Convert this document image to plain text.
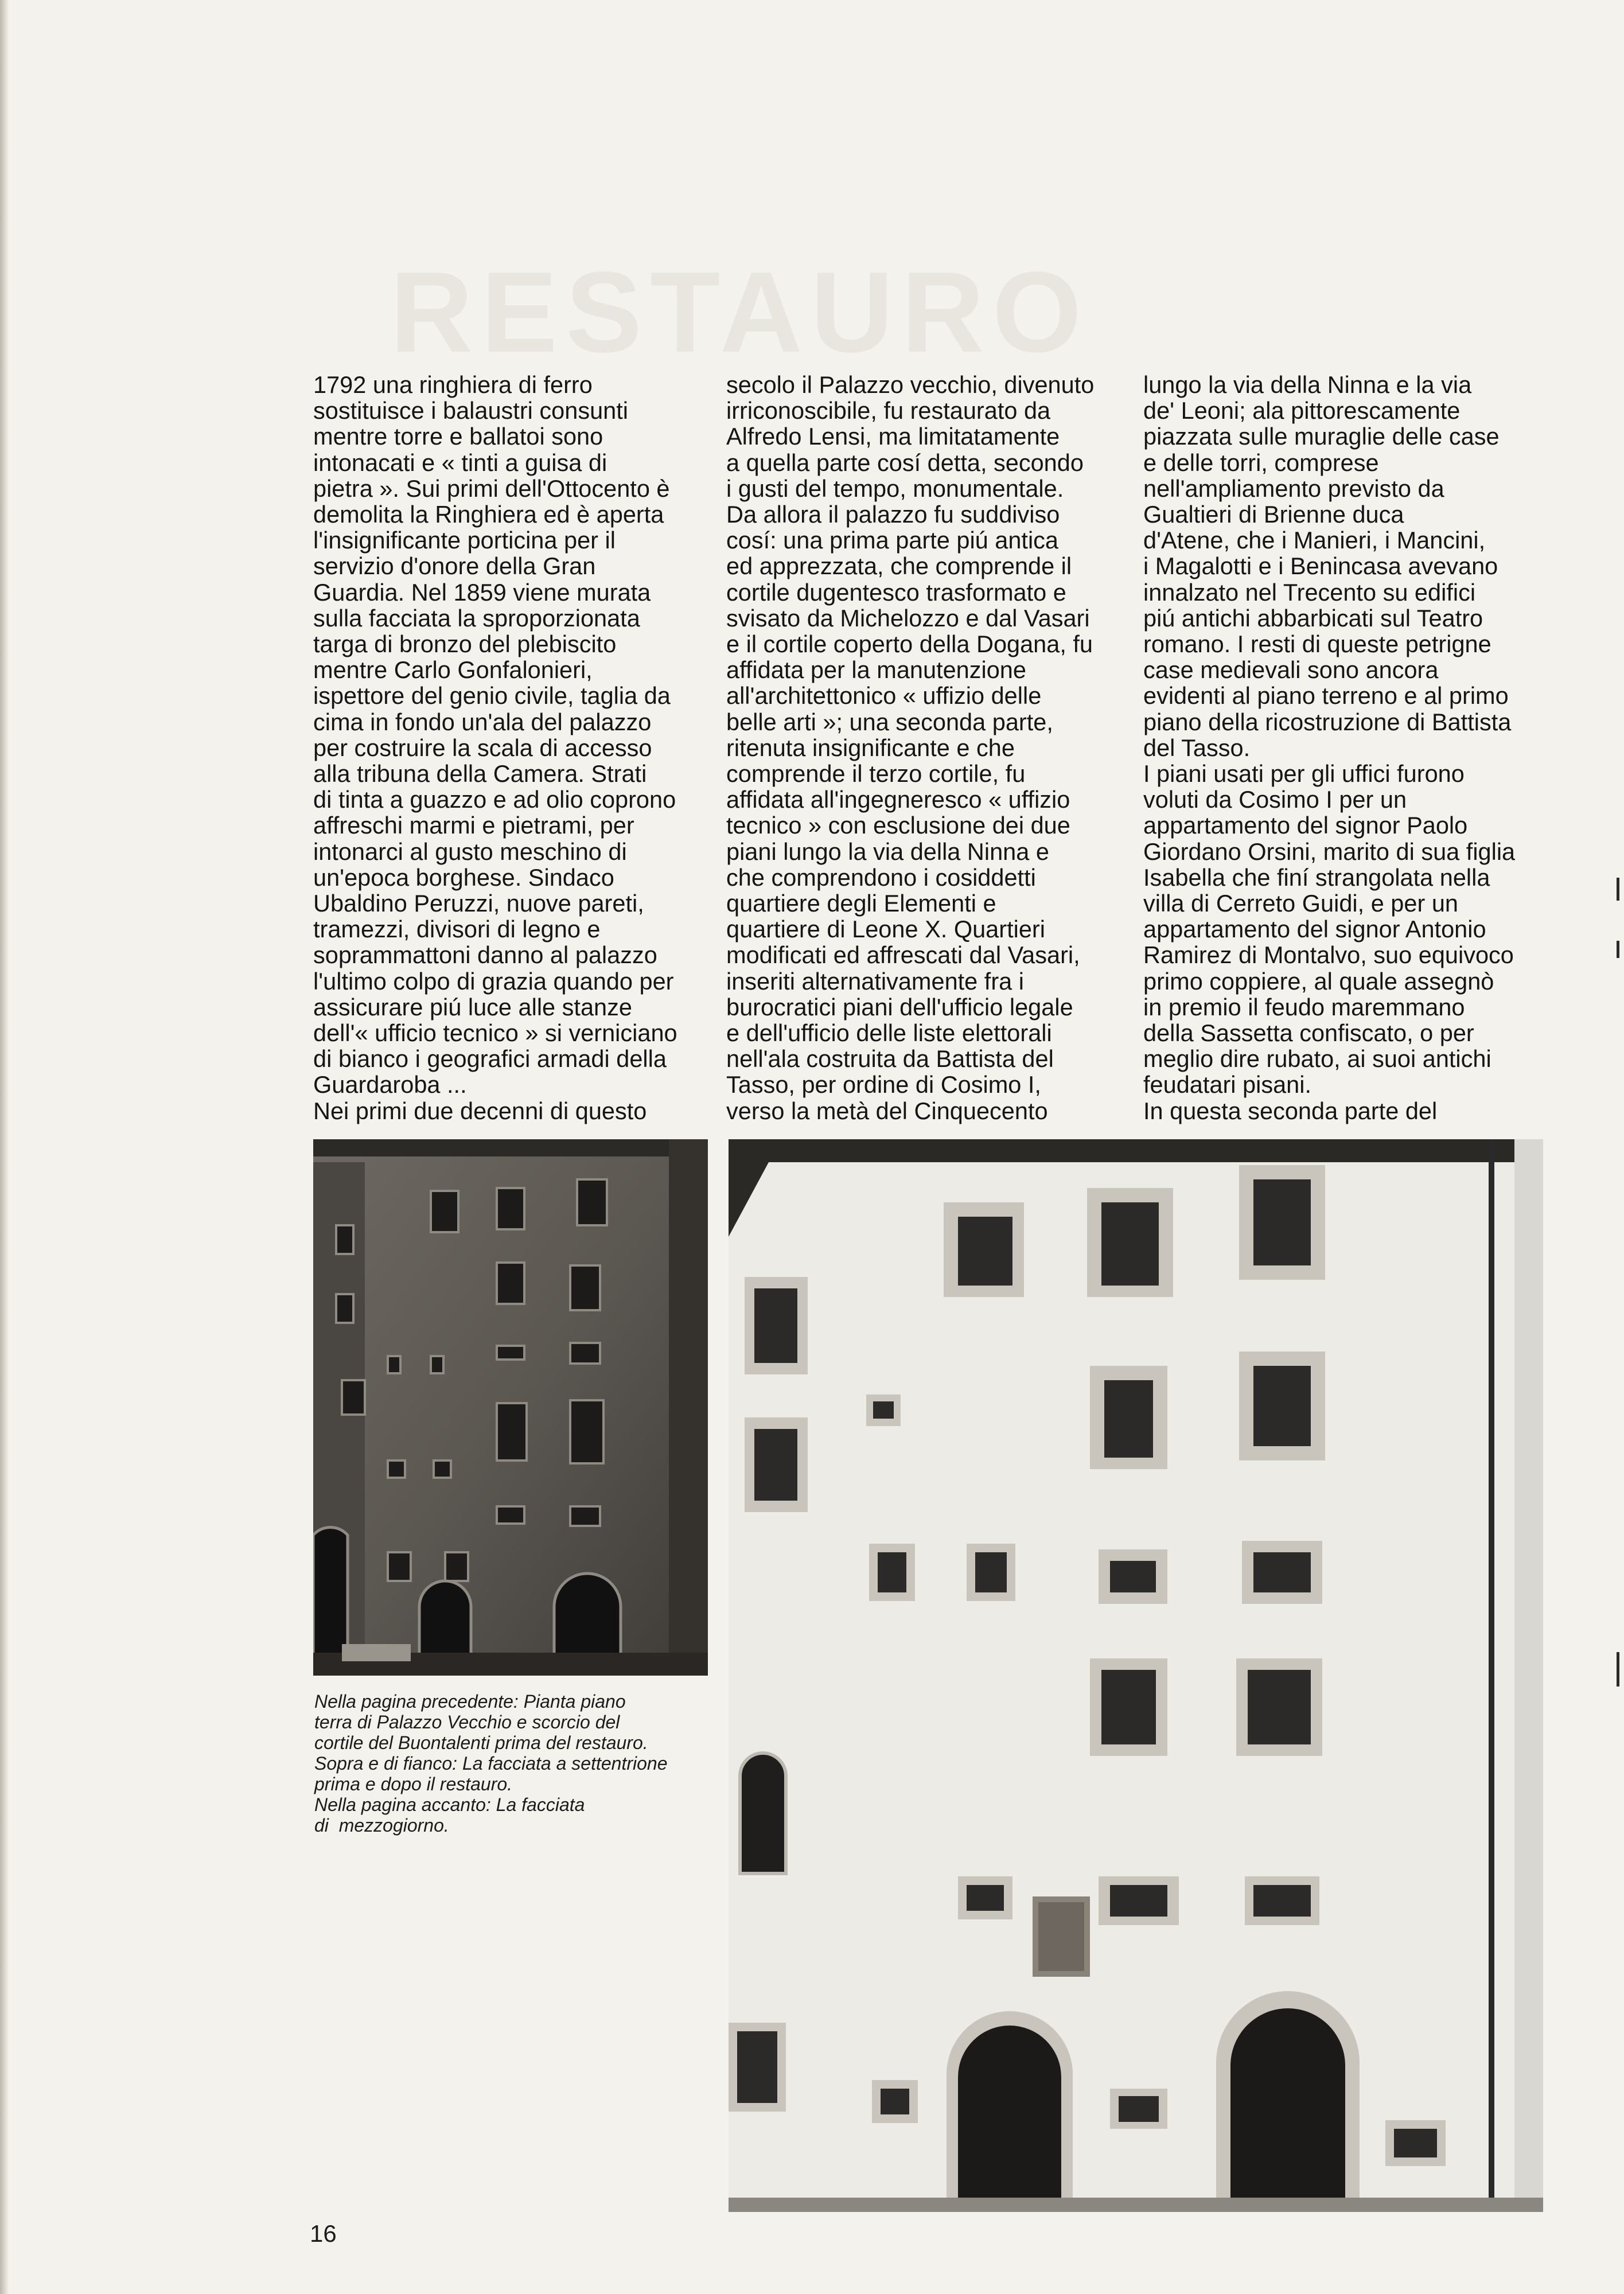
RESTAURO
1792 una ringhiera di ferro
sostituisce i balaustri consunti
mentre torre e ballatoi sono
intonacati e « tinti a guisa di
pietra ». Sui primi dell'Ottocento è
demolita la Ringhiera ed è aperta
l'insignificante porticina per il
servizio d'onore della Gran
Guardia. Nel 1859 viene murata
sulla facciata la sproporzionata
targa di bronzo del plebiscito
mentre Carlo Gonfalonieri,
ispettore del genio civile, taglia da
cima in fondo un'ala del palazzo
per costruire la scala di accesso
alla tribuna della Camera. Strati
di tinta a guazzo e ad olio coprono
affreschi marmi e pietrami, per
intonarci al gusto meschino di
un'epoca borghese. Sindaco
Ubaldino Peruzzi, nuove pareti,
tramezzi, divisori di legno e
soprammattoni danno al palazzo
l'ultimo colpo di grazia quando per
assicurare piú luce alle stanze
dell'« ufficio tecnico » si verniciano
di bianco i geografici armadi della
Guardaroba ...
Nei primi due decenni di questo
secolo il Palazzo vecchio, divenuto
irriconoscibile, fu restaurato da
Alfredo Lensi, ma limitatamente
a quella parte cosí detta, secondo
i gusti del tempo, monumentale.
Da allora il palazzo fu suddiviso
cosí: una prima parte piú antica
ed apprezzata, che comprende il
cortile dugentesco trasformato e
svisato da Michelozzo e dal Vasari
e il cortile coperto della Dogana, fu
affidata per la manutenzione
all'architettonico « uffizio delle
belle arti »; una seconda parte,
ritenuta insignificante e che
comprende il terzo cortile, fu
affidata all'ingegneresco « uffizio
tecnico » con esclusione dei due
piani lungo la via della Ninna e
che comprendono i cosiddetti
quartiere degli Elementi e
quartiere di Leone X. Quartieri
modificati ed affrescati dal Vasari,
inseriti alternativamente fra i
burocratici piani dell'ufficio legale
e dell'ufficio delle liste elettorali
nell'ala costruita da Battista del
Tasso, per ordine di Cosimo I,
verso la metà del Cinquecento
lungo la via della Ninna e la via
de' Leoni; ala pittorescamente
piazzata sulle muraglie delle case
e delle torri, comprese
nell'ampliamento previsto da
Gualtieri di Brienne duca
d'Atene, che i Manieri, i Mancini,
i Magalotti e i Benincasa avevano
innalzato nel Trecento su edifici
piú antichi abbarbicati sul Teatro
romano. I resti di queste petrigne
case medievali sono ancora
evidenti al piano terreno e al primo
piano della ricostruzione di Battista
del Tasso.
I piani usati per gli uffici furono
voluti da Cosimo I per un
appartamento del signor Paolo
Giordano Orsini, marito di sua figlia
Isabella che finí strangolata nella
villa di Cerreto Guidi, e per un
appartamento del signor Antonio
Ramirez di Montalvo, suo equivoco
primo coppiere, al quale assegnò
in premio il feudo maremmano
della Sassetta confiscato, o per
meglio dire rubato, ai suoi antichi
feudatari pisani.
In questa seconda parte del
Nella pagina precedente: Pianta piano
terra di Palazzo Vecchio e scorcio del
cortile del Buontalenti prima del restauro.
Sopra e di fianco: La facciata a settentrione
prima e dopo il restauro.
Nella pagina accanto: La facciata
di  mezzogiorno.
16
